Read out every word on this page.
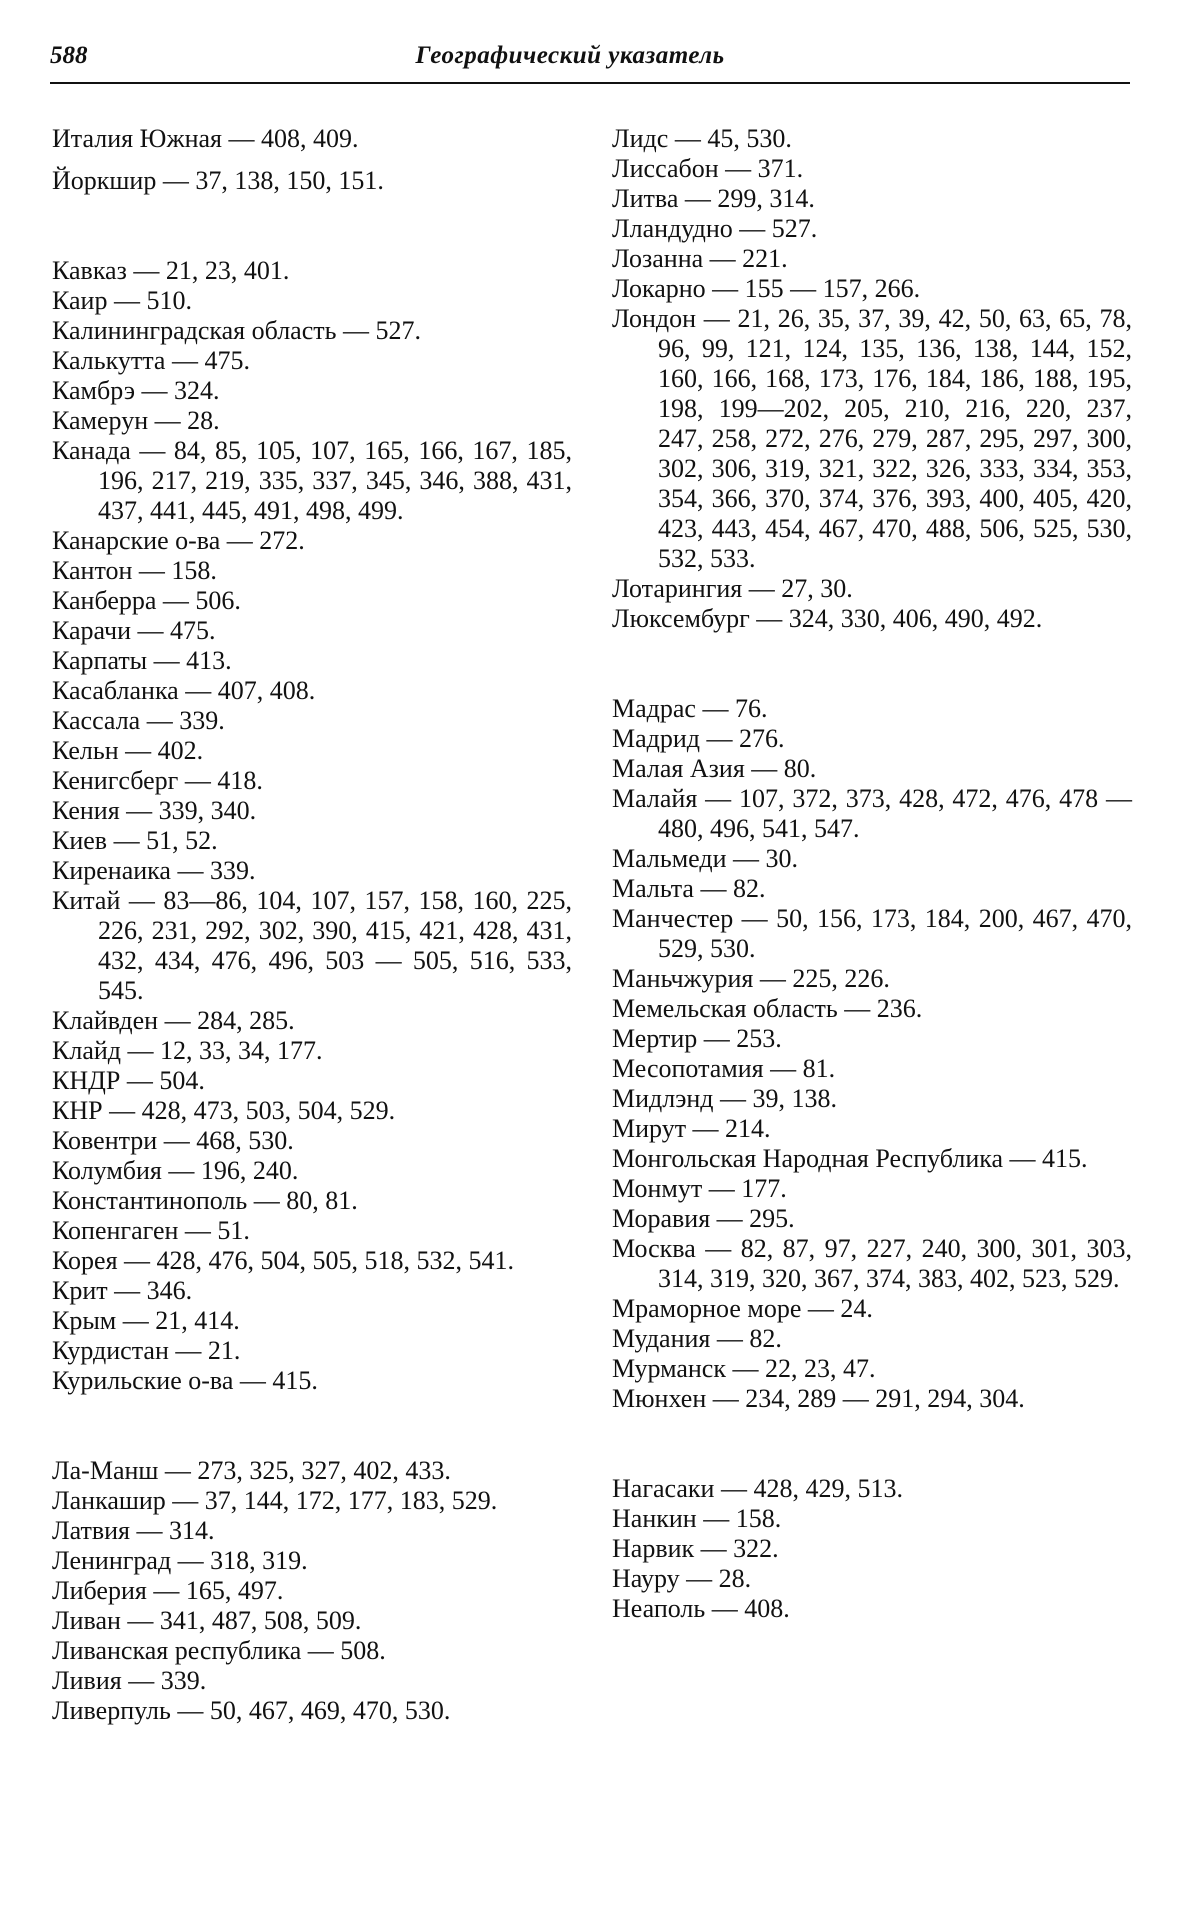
588	Географический указатель
Италия Южная — 408, 409.
Йоркшир — 37, 138, 150, 151.
Кавказ — 21, 23, 401.
Каир — 510.
Калининградская область — 527.
Калькутта — 475.
Камбрэ — 324.
Камерун — 28.
Канада — 84, 85, 105, 107, 165, 166, 167, 185, 196, 217, 219, 335, 337, 345, 346, 388, 431, 437, 441, 445, 491, 498, 499.
Канарские о-ва — 272.
Кантон — 158.
Канберра — 506.
Карачи — 475.
Карпаты — 413.
Касабланка — 407, 408.
Кассала — 339.
Кельн — 402.
Кенигсберг — 418.
Кения — 339, 340.
Киев — 51, 52.
Киренаика — 339.
Китай — 83—86, 104, 107, 157, 158, 160, 225, 226, 231, 292, 302, 390, 415, 421, 428, 431, 432, 434, 476, 496, 503 — 505, 516, 533, 545.
Клайвден — 284, 285.
Клайд — 12, 33, 34, 177.
КНДР — 504.
КНР — 428, 473, 503, 504, 529.
Ковентри — 468, 530.
Колумбия — 196, 240.
Константинополь — 80, 81.
Копенгаген — 51.
Корея — 428, 476, 504, 505, 518, 532, 541.
Крит — 346.
Крым — 21, 414.
Курдистан — 21.
Курильские о-ва — 415.
Ла-Манш — 273, 325, 327, 402, 433.
Ланкашир — 37, 144, 172, 177, 183, 529.
Латвия — 314.
Ленинград — 318, 319.
Либерия — 165, 497.
Ливан — 341, 487, 508, 509.
Ливанская республика — 508.
Ливия — 339.
Ливерпуль — 50, 467, 469, 470, 530.
Лидс — 45, 530.
Лиссабон — 371.
Литва — 299, 314.
Лландудно — 527.
Лозанна — 221.
Локарно — 155 — 157, 266.
Лондон — 21, 26, 35, 37, 39, 42, 50, 63, 65, 78, 96, 99, 121, 124, 135, 136, 138, 144, 152, 160, 166, 168, 173, 176, 184, 186, 188, 195, 198, 199—202, 205, 210, 216, 220, 237, 247, 258, 272, 276, 279, 287, 295, 297, 300, 302, 306, 319, 321, 322, 326, 333, 334, 353, 354, 366, 370, 374, 376, 393, 400, 405, 420, 423, 443, 454, 467, 470, 488, 506, 525, 530, 532, 533.
Лотарингия — 27, 30.
Люксембург — 324, 330, 406, 490, 492.
Мадрас — 76.
Мадрид — 276.
Малая Азия — 80.
Малайя — 107, 372, 373, 428, 472, 476, 478 — 480, 496, 541, 547.
Мальмеди — 30.
Мальта — 82.
Манчестер — 50, 156, 173, 184, 200, 467, 470, 529, 530.
Маньчжурия — 225, 226.
Мемельская область — 236.
Мертир — 253.
Месопотамия — 81.
Мидлэнд — 39, 138.
Мирут — 214.
Монгольская Народная Республика — 415.
Монмут — 177.
Моравия — 295.
Москва — 82, 87, 97, 227, 240, 300, 301, 303, 314, 319, 320, 367, 374, 383, 402, 523, 529.
Мраморное море — 24.
Мудания — 82.
Мурманск — 22, 23, 47.
Мюнхен — 234, 289 — 291, 294, 304.
Нагасаки — 428, 429, 513.
Нанкин — 158.
Нарвик — 322.
Науру — 28.
Неаполь — 408.
